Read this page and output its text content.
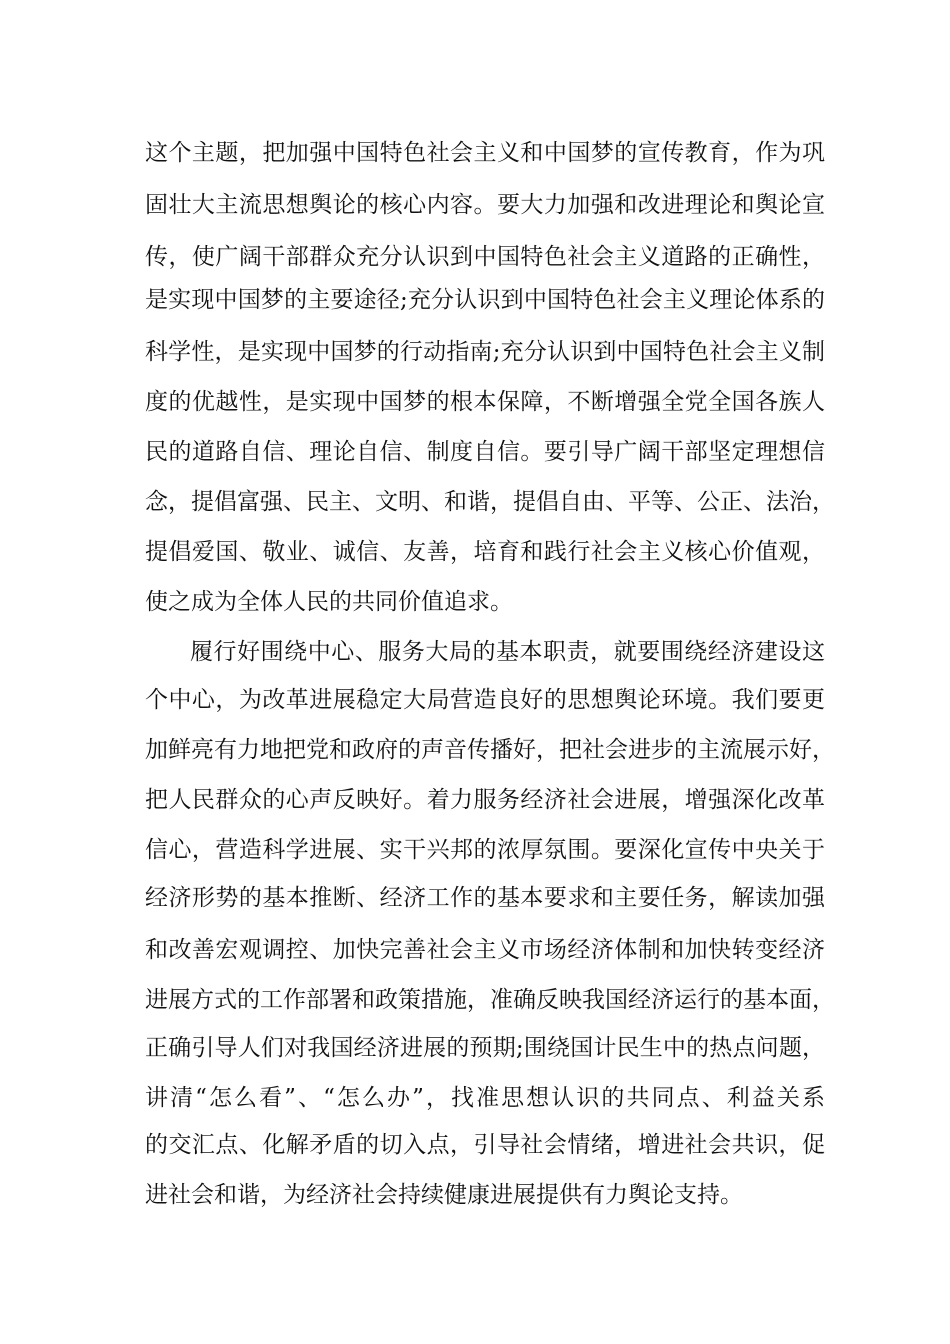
这个主题，把加强中国特色社会主义和中国梦的宣传教育，作为巩
固壮大主流思想舆论的核心内容。要大力加强和改进理论和舆论宣
传，使广阔干部群众充分认识到中国特色社会主义道路的正确性，
是实现中国梦的主要途径;充分认识到中国特色社会主义理论体系的
科学性，是实现中国梦的行动指南;充分认识到中国特色社会主义制
度的优越性，是实现中国梦的根本保障，不断增强全党全国各族人
民的道路自信、理论自信、制度自信。要引导广阔干部坚定理想信
念，提倡富强、民主、文明、和谐，提倡自由、平等、公正、法治，
提倡爱国、敬业、诚信、友善，培育和践行社会主义核心价值观，
使之成为全体人民的共同价值追求。
履行好围绕中心、服务大局的基本职责，就要围绕经济建设这
个中心，为改革进展稳定大局营造良好的思想舆论环境。我们要更
加鲜亮有力地把党和政府的声音传播好，把社会进步的主流展示好，
把人民群众的心声反映好。着力服务经济社会进展，增强深化改革
信心，营造科学进展、实干兴邦的浓厚氛围。要深化宣传中央关于
经济形势的基本推断、经济工作的基本要求和主要任务，解读加强
和改善宏观调控、加快完善社会主义市场经济体制和加快转变经济
进展方式的工作部署和政策措施，准确反映我国经济运行的基本面，
正确引导人们对我国经济进展的预期;围绕国计民生中的热点问题，
讲清“怎么看”、“怎么办”，找准思想认识的共同点、利益关系
的交汇点、化解矛盾的切入点，引导社会情绪，增进社会共识，促
进社会和谐，为经济社会持续健康进展提供有力舆论支持。
